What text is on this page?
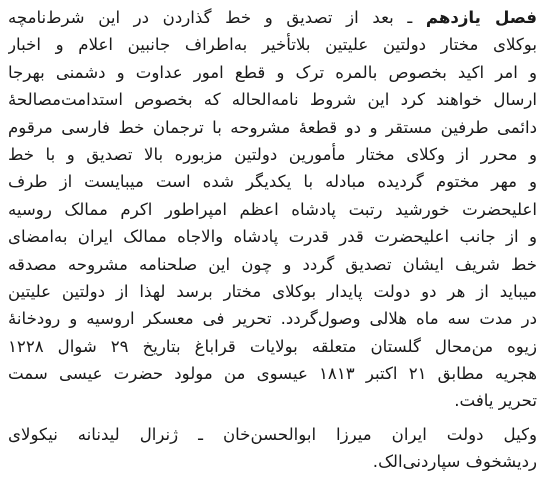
فصل یازدهم ـ بعد از تصدیق و خط گذاردن در این شرط‌نامچه
بوکلای مختار دولتین علیتین بلاتأخیر به‌اطراف جانبین اعلام و اخبار
و امر اکید بخصوص بالمره ترک و قطع امور عداوت و دشمنی بهرجا
ارسال خواهند کرد این شروط نامه‌الحاله که بخصوص استدامت‌مصالحهٔ
دائمی طرفین مستقر و دو قطعهٔ مشروحه با ترجمان خط فارسی مرقوم
و محرر از وکلای مختار مأمورین دولتین مزبوره بالا تصدیق و با خط
و مهر مختوم گردیده مبادله با یکدیگر شده است میبایست از طرف
اعلیحضرت خورشید رتبت پادشاه اعظم امپراطور اکرم ممالک روسیه
و از جانب اعلیحضرت قدر قدرت پادشاه والاجاه ممالک ایران به‌امضای
خط شریف ایشان تصدیق گردد و چون این صلحنامه مشروحه مصدقه
میباید از هر دو دولت پایدار بوکلای مختار برسد لهذا از دولتین علیتین
در مدت سه ماه هلالی وصول‌گردد. تحریر فی معسکر اروسیه و رودخانهٔ
زیوه من‌محال گلستان متعلقه بولایات قراباغ بتاریخ ۲۹ شوال ۱۲۲۸
هجریه مطابق ۲۱ اکتبر ۱۸۱۳ عیسوی من مولود حضرت عیسی سمت
تحریر یافت.
وکیل دولت ایران میرزا ابوالحسن‌خان ـ ژنرال لیدنانه نیکولای
ردیشخوف سپاردنی‌الک.
